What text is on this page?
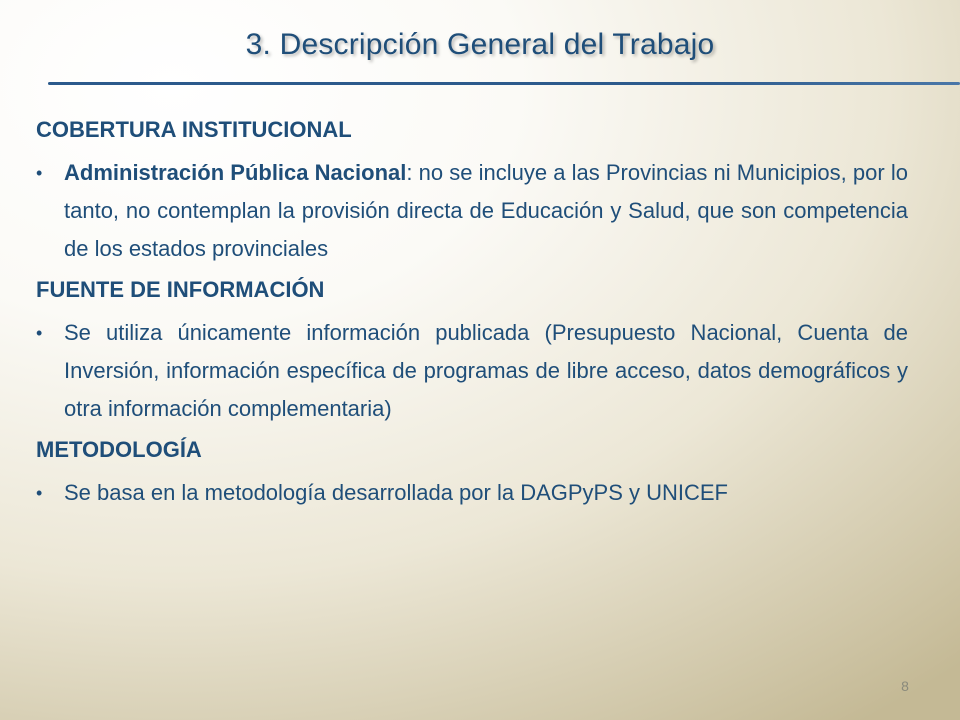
3. Descripción General del Trabajo
COBERTURA INSTITUCIONAL
• Administración Pública Nacional: no se incluye a las Provincias ni Municipios, por lo tanto, no contemplan la provisión directa de Educación y Salud, que son competencia de los estados provinciales
FUENTE DE INFORMACIÓN
• Se utiliza únicamente información publicada (Presupuesto Nacional, Cuenta de Inversión, información específica de programas de libre acceso, datos demográficos y otra información complementaria)
METODOLOGÍA
• Se basa en la metodología desarrollada por la DAGPyPS y UNICEF
8
